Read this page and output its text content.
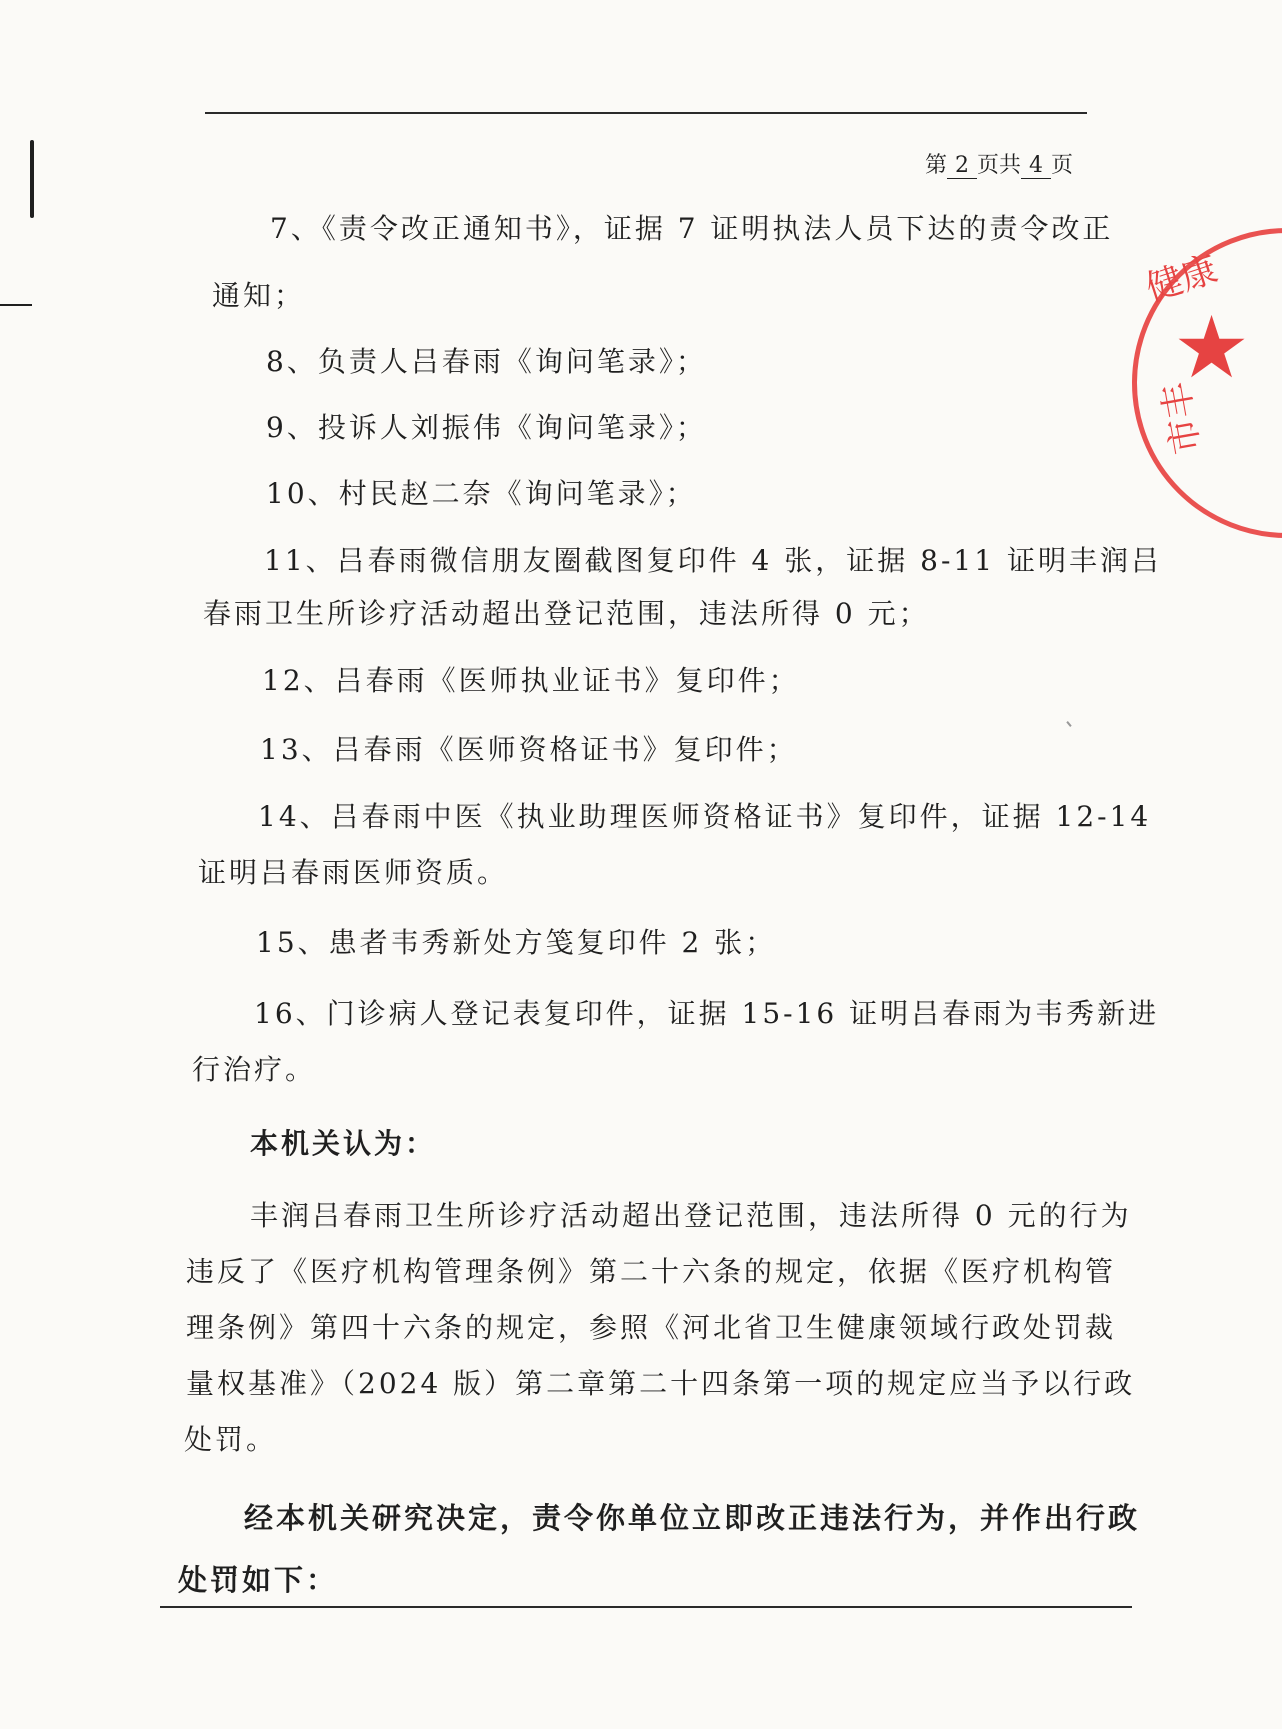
第 2 页共 4 页
7、《责令改正通知书》，证据 7 证明执法人员下达的责令改正
通知；
8、负责人吕春雨《询问笔录》；
9、投诉人刘振伟《询问笔录》；
10、村民赵二奈《询问笔录》；
11、吕春雨微信朋友圈截图复印件 4 张，证据 8-11 证明丰润吕
春雨卫生所诊疗活动超出登记范围，违法所得 0 元；
12、吕春雨《医师执业证书》复印件；
13、吕春雨《医师资格证书》复印件；
14、吕春雨中医《执业助理医师资格证书》复印件，证据 12-14
证明吕春雨医师资质。
15、患者韦秀新处方笺复印件 2 张；
16、门诊病人登记表复印件，证据 15-16 证明吕春雨为韦秀新进
行治疗。
本机关认为：
丰润吕春雨卫生所诊疗活动超出登记范围，违法所得 0 元的行为
违反了《医疗机构管理条例》第二十六条的规定，依据《医疗机构管
理条例》第四十六条的规定，参照《河北省卫生健康领域行政处罚裁
量权基准》（2024 版）第二章第二十四条第一项的规定应当予以行政
处罚。
经本机关研究决定，责令你单位立即改正违法行为，并作出行政
处罚如下：
健康
★
市丰
